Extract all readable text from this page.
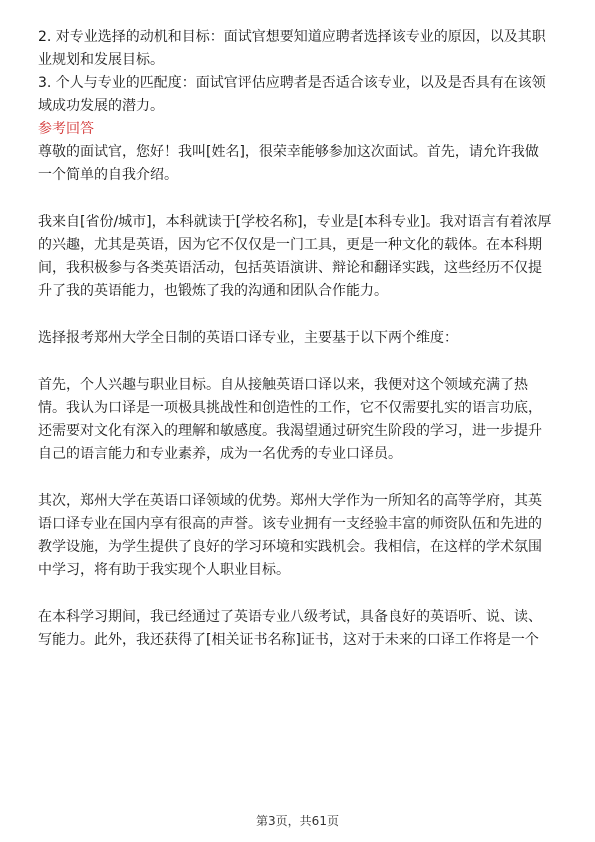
2. 对专业选择的动机和目标：面试官想要知道应聘者选择该专业的原因，以及其职
业规划和发展目标。
3. 个人与专业的匹配度：面试官评估应聘者是否适合该专业，以及是否具有在该领
域成功发展的潜力。
参考回答
尊敬的面试官，您好！我叫[姓名]，很荣幸能够参加这次面试。首先，请允许我做
一个简单的自我介绍。
我来自[省份/城市]，本科就读于[学校名称]，专业是[本科专业]。我对语言有着浓厚
的兴趣，尤其是英语，因为它不仅仅是一门工具，更是一种文化的载体。在本科期
间，我积极参与各类英语活动，包括英语演讲、辩论和翻译实践，这些经历不仅提
升了我的英语能力，也锻炼了我的沟通和团队合作能力。
选择报考郑州大学全日制的英语口译专业，主要基于以下两个维度：
首先，个人兴趣与职业目标。自从接触英语口译以来，我便对这个领域充满了热
情。我认为口译是一项极具挑战性和创造性的工作，它不仅需要扎实的语言功底，
还需要对文化有深入的理解和敏感度。我渴望通过研究生阶段的学习，进一步提升
自己的语言能力和专业素养，成为一名优秀的专业口译员。
其次，郑州大学在英语口译领域的优势。郑州大学作为一所知名的高等学府，其英
语口译专业在国内享有很高的声誉。该专业拥有一支经验丰富的师资队伍和先进的
教学设施，为学生提供了良好的学习环境和实践机会。我相信，在这样的学术氛围
中学习，将有助于我实现个人职业目标。
在本科学习期间，我已经通过了英语专业八级考试，具备良好的英语听、说、读、
写能力。此外，我还获得了[相关证书名称]证书，这对于未来的口译工作将是一个
第3页，共61页
